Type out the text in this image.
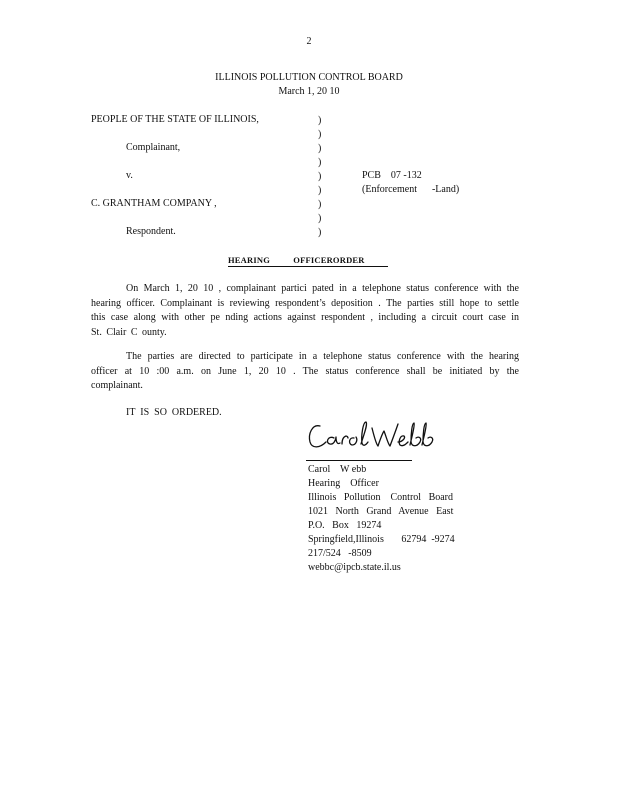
2
ILLINOIS POLLUTION CONTROL BOARD
March 1, 20 10
PEOPLE OF THE STATE OF ILLINOIS,
Complainant,
v.
C. GRANTHAM COMPANY ,
Respondent.
)
)
)
)
)
)
)
)
)
PCB    07 -132
(Enforcement      -Land)
HEARING          OFFICERORDER
On March 1, 20 10 , complainant partici pated in a telephone status conference with the hearing officer. Complainant is reviewing respondent’s deposition . The parties still hope to settle this case along with other pe nding actions against respondent , including a circuit court case in St. Clair C ounty.
The parties are directed to participate in a telephone status conference with the hearing officer at 10 :00 a.m. on June 1, 20 10 . The status conference shall be initiated by the complainant.
IT  IS  SO  ORDERED.
Carol    W ebb
Hearing    Officer
Illinois   Pollution    Control   Board
1021   North   Grand   Avenue   East
P.O.   Box   19274
Springfield,Illinois       62794  -9274
217/524   -8509
webbc@ipcb.state.il.us
